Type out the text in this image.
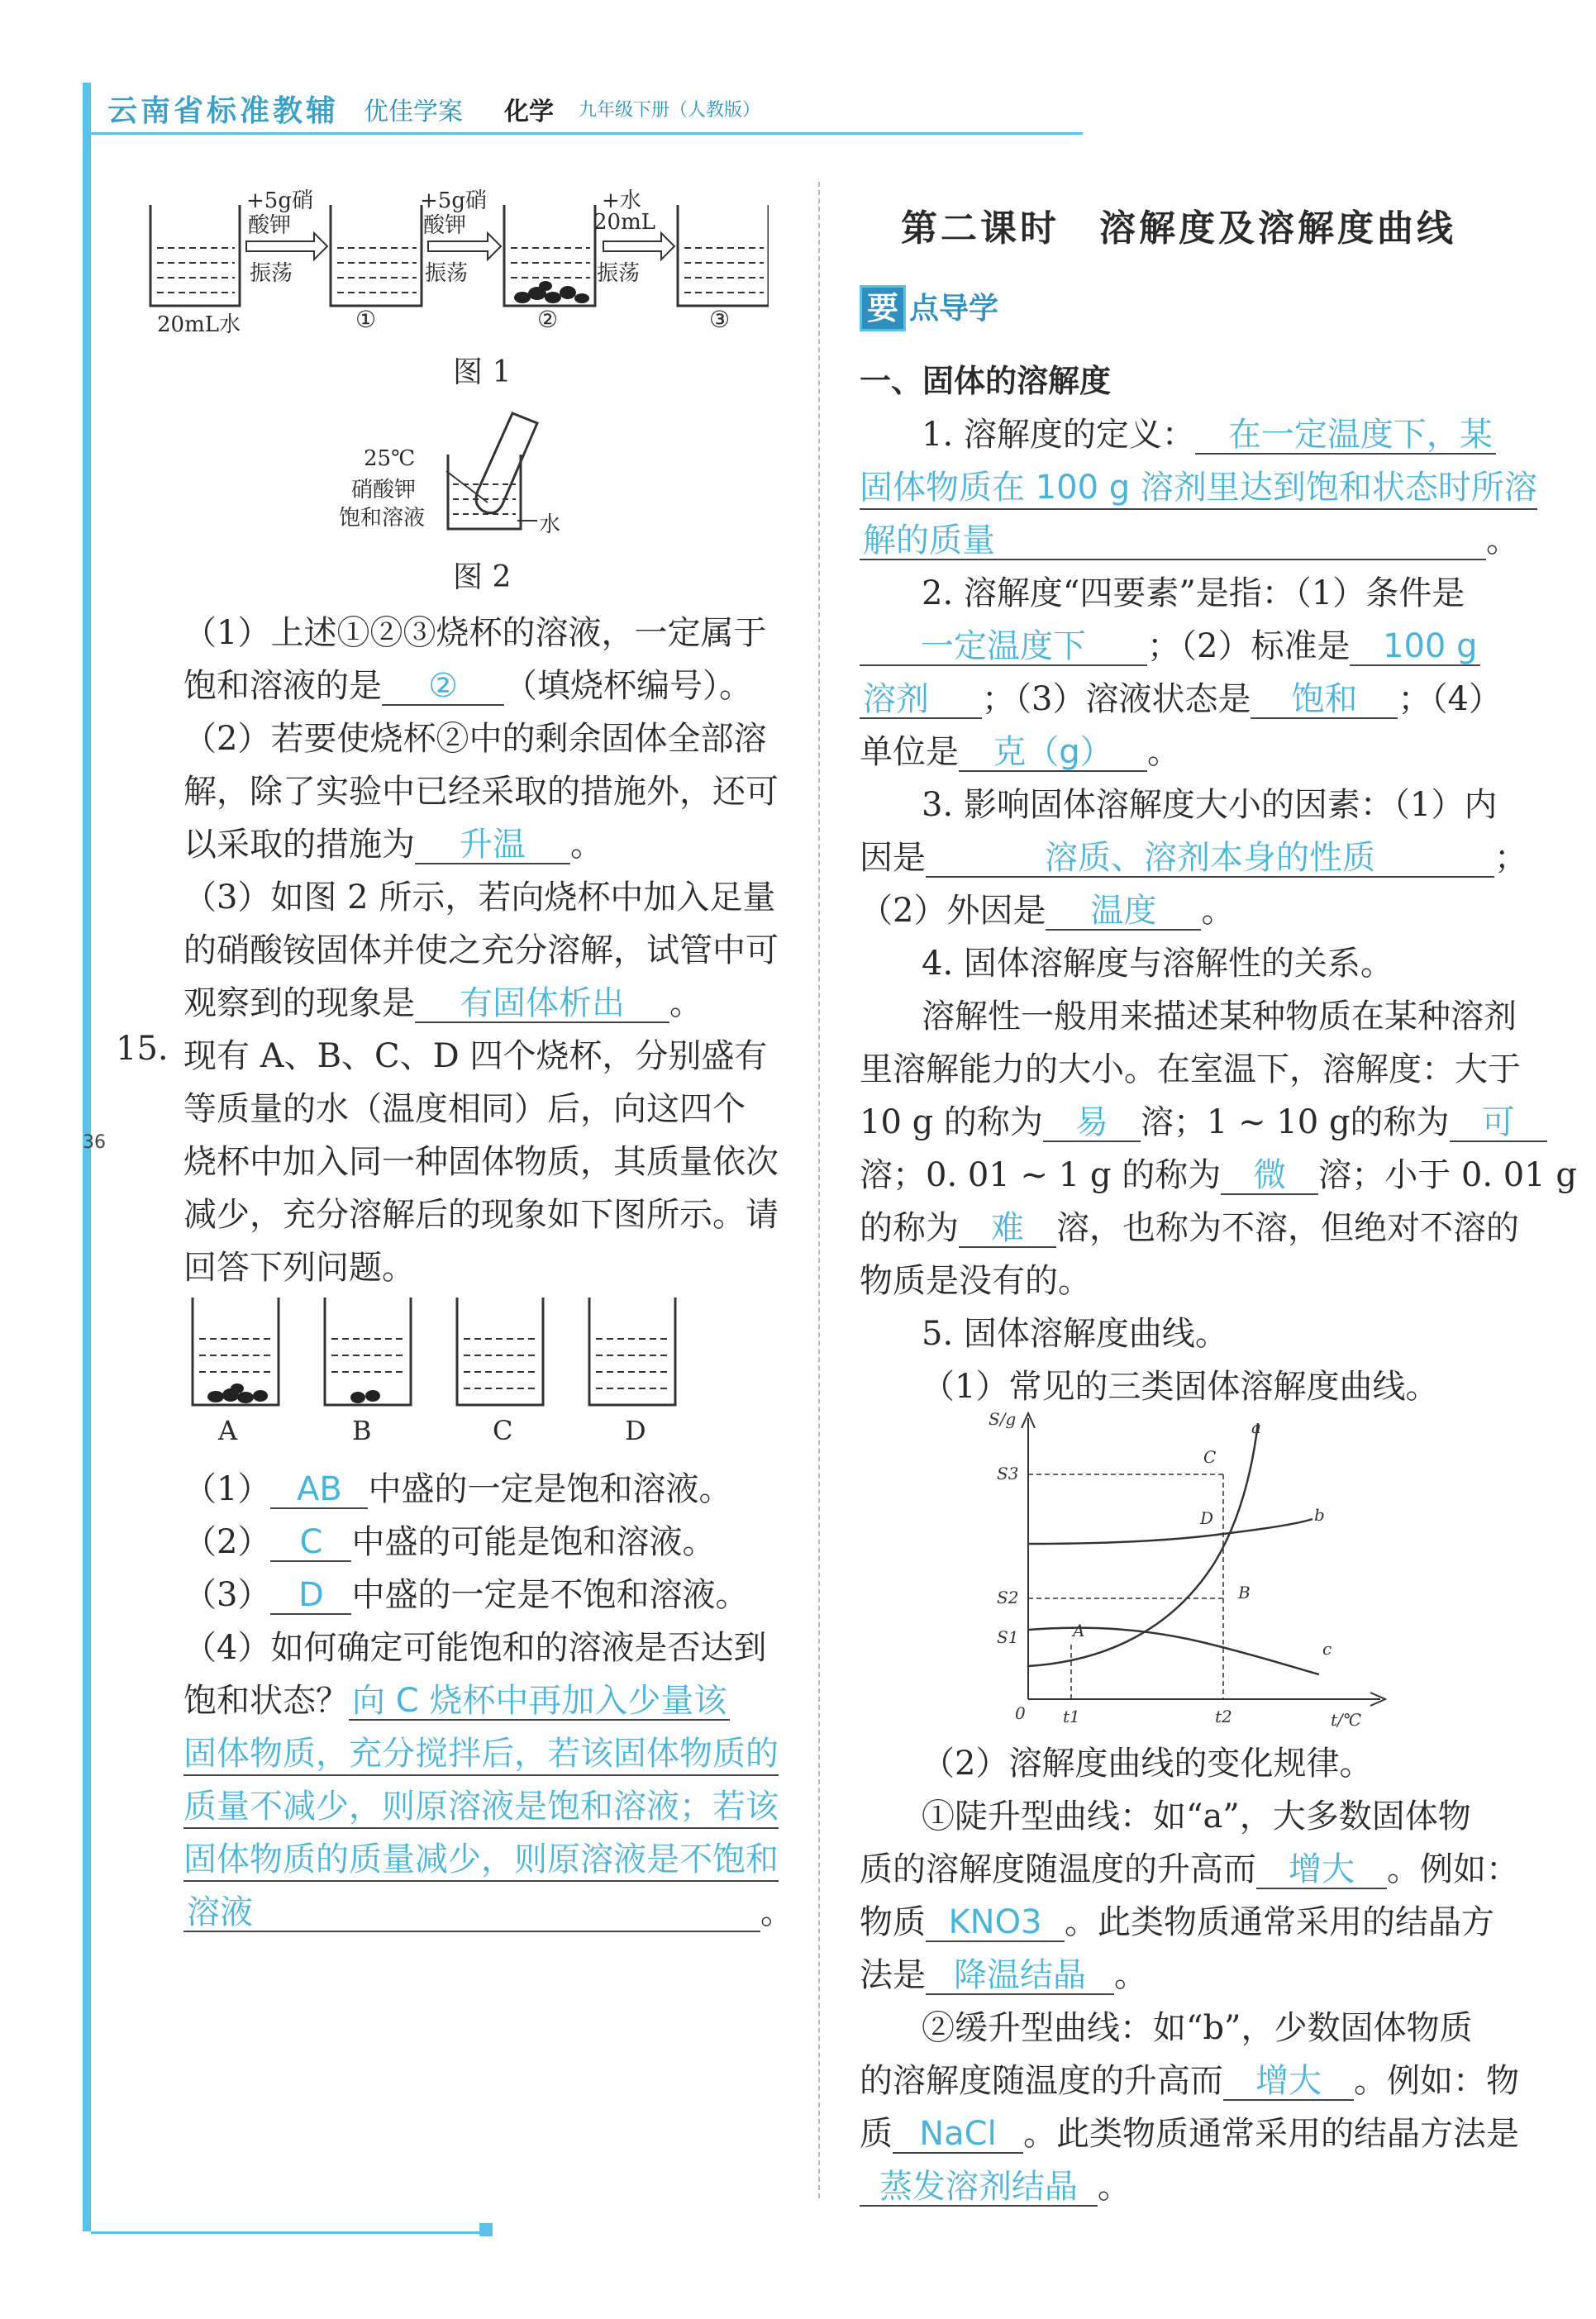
36
云南省标准教辅 优佳学案 化学 九年级下册（人教版）
+5g硝
酸钾
振荡
+5g硝
酸钾
振荡
+水
20mL
振荡
20mL水	①	②	③
图 1
25℃
硝酸钾
饱和溶液	水
图 2
（1）上述①②③烧杯的溶液，一定属于
饱和溶液的是 ② （填烧杯编号）。
（2）若要使烧杯②中的剩余固体全部溶
解，除了实验中已经采取的措施外，还可
以采取的措施为 升温 。
（3）如图 2 所示，若向烧杯中加入足量
的硝酸铵固体并使之充分溶解，试管中可
观察到的现象是 有固体析出 。
15. 现有 A、B、C、D 四个烧杯，分别盛有
等质量的水（温度相同）后，向这四个
烧杯中加入同一种固体物质，其质量依次
减少，充分溶解后的现象如下图所示。请
回答下列问题。
A	B	C	D
（1） AB 中盛的一定是饱和溶液。
（2） C 中盛的可能是饱和溶液。
（3） D 中盛的一定是不饱和溶液。
（4）如何确定可能饱和的溶液是否达到
饱和状态？ 向 C 烧杯中再加入少量该
固体物质，充分搅拌后，若该固体物质的
质量不减少，则原溶液是饱和溶液；若该
固体物质的质量减少，则原溶液是不饱和
溶液	。
第二课时　溶解度及溶解度曲线
要 点导学
一、固体的溶解度
1. 溶解度的定义： 在一定温度下，某
固体物质在 100 g 溶剂里达到饱和状态时所溶
解的质量	。
2. 溶解度“四要素”是指：（1）条件是
一定温度下 ；（2）标准是 100 g
溶剂 ；（3）溶液状态是 饱和 ；（4）
单位是 克（g） 。
3. 影响固体溶解度大小的因素：（1）内
因是	溶质、溶剂本身的性质	；
（2）外因是 温度 。
4. 固体溶解度与溶解性的关系。
溶解性一般用来描述某种物质在某种溶剂
里溶解能力的大小。在室温下，溶解度：大于
10 g 的称为 易 溶；1 ~ 10 g的称为 可
溶；0. 01 ~ 1 g 的称为 微 溶；小于 0. 01 g
的称为 难 溶，也称为不溶，但绝对不溶的
物质是没有的。
5. 固体溶解度曲线。
（1）常见的三类固体溶解度曲线。
S/g
t/℃
0
S3
S2
S1
t1	t2
A
B
C
D
a
b
c
（2）溶解度曲线的变化规律。
①陡升型曲线：如“a”，大多数固体物
质的溶解度随温度的升高而 增大 。例如：
物质 KNO3 。此类物质通常采用的结晶方
法是 降温结晶 。
②缓升型曲线：如“b”，少数固体物质
的溶解度随温度的升高而 增大 。例如：物
质 NaCl 。此类物质通常采用的结晶方法是
蒸发溶剂结晶 。
